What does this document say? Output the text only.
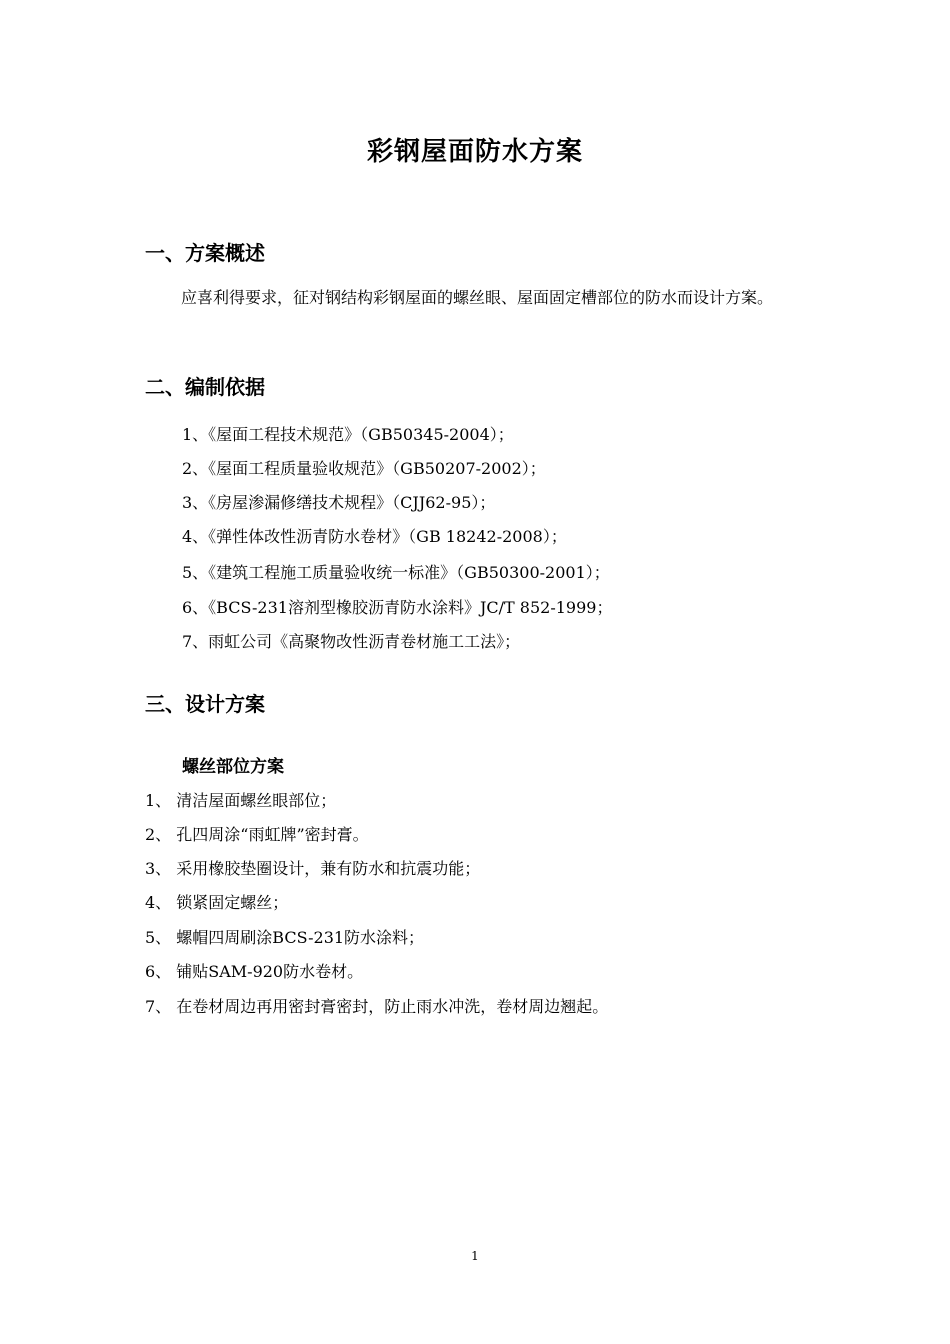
彩钢屋面防水方案
一、方案概述
应喜利得要求，征对钢结构彩钢屋面的螺丝眼、屋面固定槽部位的防水而设计方案。
二、编制依据
1、《屋面工程技术规范》（GB50345-2004）；
2、《屋面工程质量验收规范》（GB50207-2002）；
3、《房屋渗漏修缮技术规程》（CJJ62-95）；
4、《弹性体改性沥青防水卷材》（GB 18242-2008）；
5、《建筑工程施工质量验收统一标准》（GB50300-2001）；
6、《BCS-231溶剂型橡胶沥青防水涂料》JC/T 852-1999；
7、雨虹公司《高聚物改性沥青卷材施工工法》；
三、设计方案
螺丝部位方案
1、 清洁屋面螺丝眼部位；
2、 孔四周涂“雨虹牌”密封膏。
3、 采用橡胶垫圈设计，兼有防水和抗震功能；
4、 锁紧固定螺丝；
5、 螺帽四周刷涂BCS-231防水涂料；
6、 铺贴SAM-920防水卷材。
7、 在卷材周边再用密封膏密封，防止雨水冲洗，卷材周边翘起。
1
